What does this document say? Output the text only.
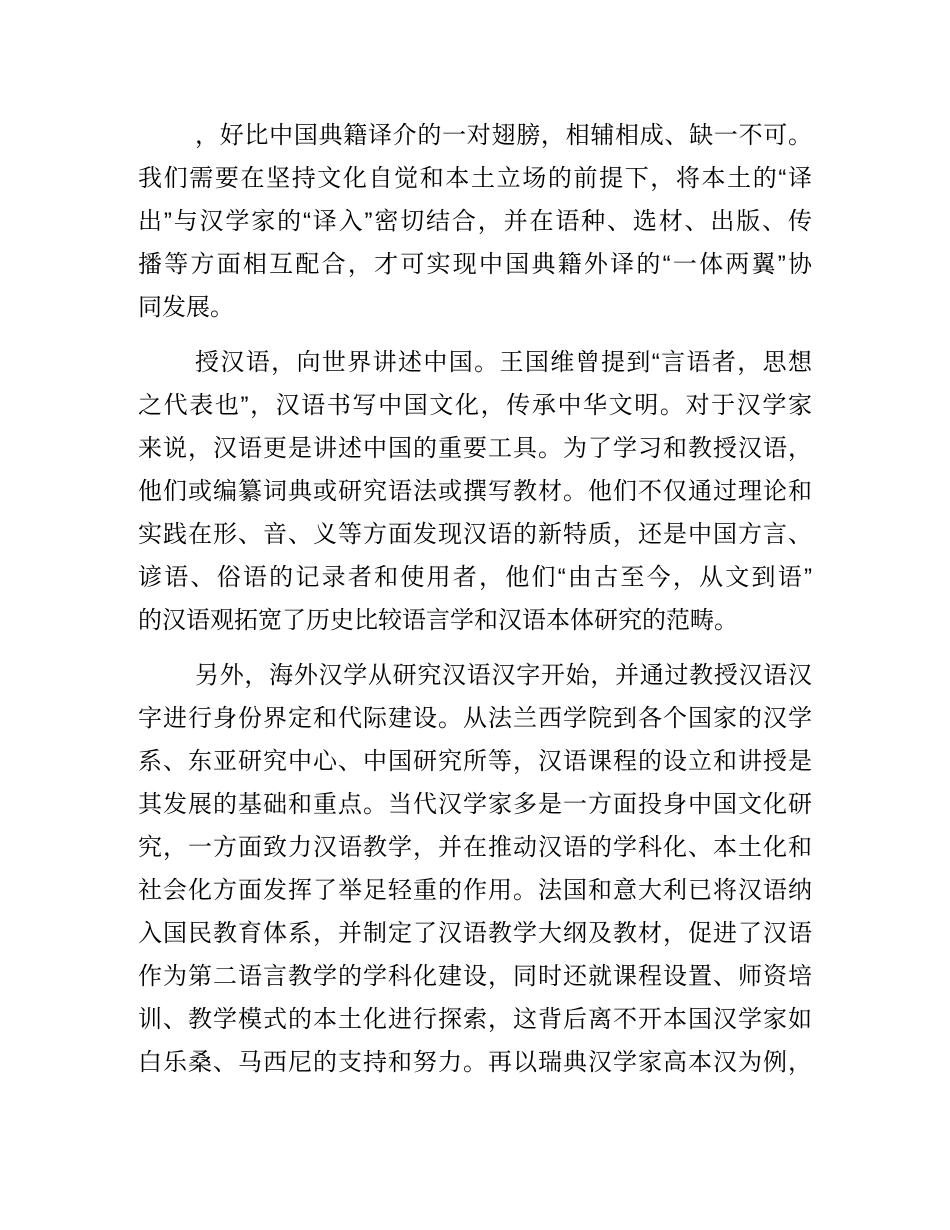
，好比中国典籍译介的一对翅膀，相辅相成、缺一不可。
我们需要在坚持文化自觉和本土立场的前提下，将本土的“译
出”与汉学家的“译入”密切结合，并在语种、选材、出版、传
播等方面相互配合，才可实现中国典籍外译的“一体两翼”协
同发展。
授汉语，向世界讲述中国。王国维曾提到“言语者，思想
之代表也”，汉语书写中国文化，传承中华文明。对于汉学家
来说，汉语更是讲述中国的重要工具。为了学习和教授汉语，
他们或编纂词典或研究语法或撰写教材。他们不仅通过理论和
实践在形、音、义等方面发现汉语的新特质，还是中国方言、
谚语、俗语的记录者和使用者，他们“由古至今，从文到语”
的汉语观拓宽了历史比较语言学和汉语本体研究的范畴。
另外，海外汉学从研究汉语汉字开始，并通过教授汉语汉
字进行身份界定和代际建设。从法兰西学院到各个国家的汉学
系、东亚研究中心、中国研究所等，汉语课程的设立和讲授是
其发展的基础和重点。当代汉学家多是一方面投身中国文化研
究，一方面致力汉语教学，并在推动汉语的学科化、本土化和
社会化方面发挥了举足轻重的作用。法国和意大利已将汉语纳
入国民教育体系，并制定了汉语教学大纲及教材，促进了汉语
作为第二语言教学的学科化建设，同时还就课程设置、师资培
训、教学模式的本土化进行探索，这背后离不开本国汉学家如
白乐桑、马西尼的支持和努力。再以瑞典汉学家高本汉为例，
